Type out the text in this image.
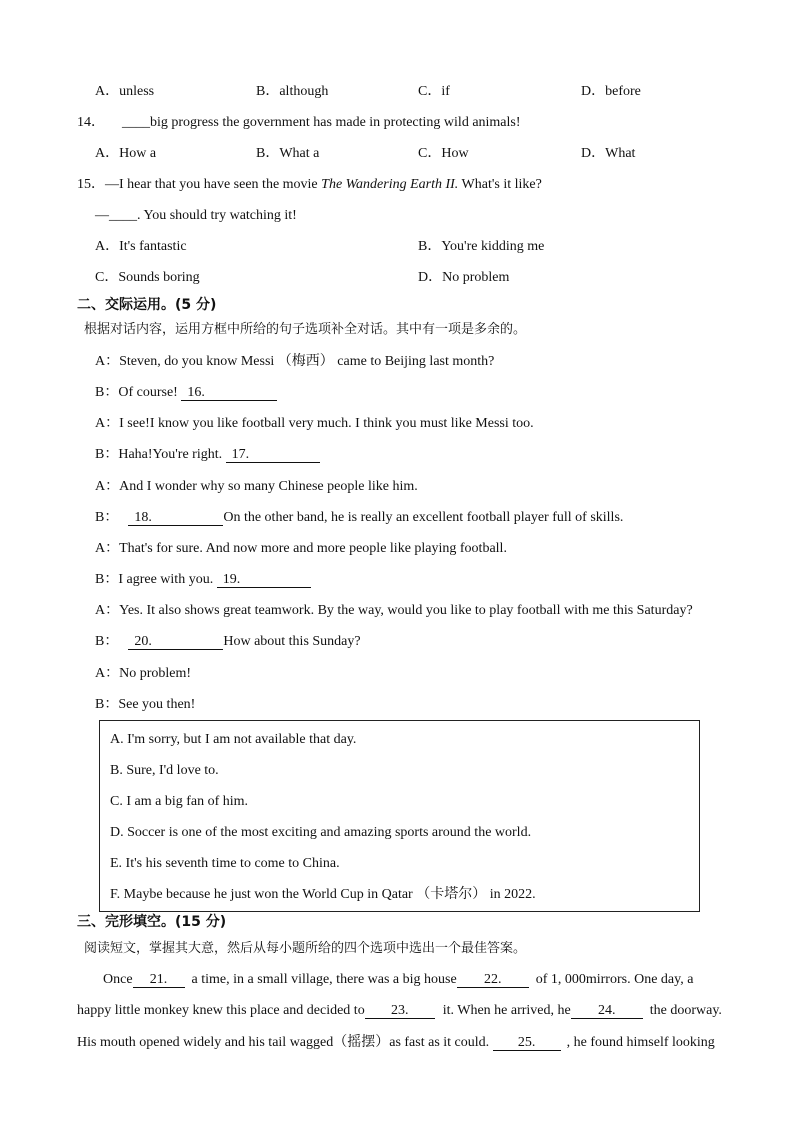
A．unless	B．although	C．if	D．before
14． ____big progress the government has made in protecting wild animals!
A．How a	B．What a	C．How	D．What
15．—I hear that you have seen the movie The Wandering Earth II. What's it like?
—____. You should try watching it!
A．It's fantastic	B．You're kidding me
C．Sounds boring	D．No problem
二、交际运用。(5 分)
根据对话内容，运用方框中所给的句子选项补全对话。其中有一项是多余的。
A：Steven, do you know Messi （梅西） came to Beijing last month?
B：Of course! 16.
A：I see!I know you like football very much. I think you must like Messi too.
B：Haha!You're right. 17.
A：And I wonder why so many Chinese people like him.
B： 18.	On the other band, he is really an excellent football player full of skills.
A：That's for sure. And now more and more people like playing football.
B：I agree with you. 19.
A：Yes. It also shows great teamwork. By the way, would you like to play football with me this Saturday?
B： 20.	How about this Sunday?
A：No problem!
B：See you then!
A. I'm sorry, but I am not available that day.
B. Sure, I'd love to.
C. I am a big fan of him.
D. Soccer is one of the most exciting and amazing sports around the world.
E. It's his seventh time to come to China.
F. Maybe because he just won the World Cup in Qatar （卡塔尔） in 2022.
三、完形填空。(15 分)
阅读短文，掌握其大意，然后从每小题所给的四个选项中选出一个最佳答案。
Once 21. a time, in a small village, there was a big house 22. of 1, 000mirrors. One day, a
happy little monkey knew this place and decided to 23. it. When he arrived, he 24. the doorway.
His mouth opened widely and his tail wagged（摇摆）as fast as it could. 25. , he found himself looking
